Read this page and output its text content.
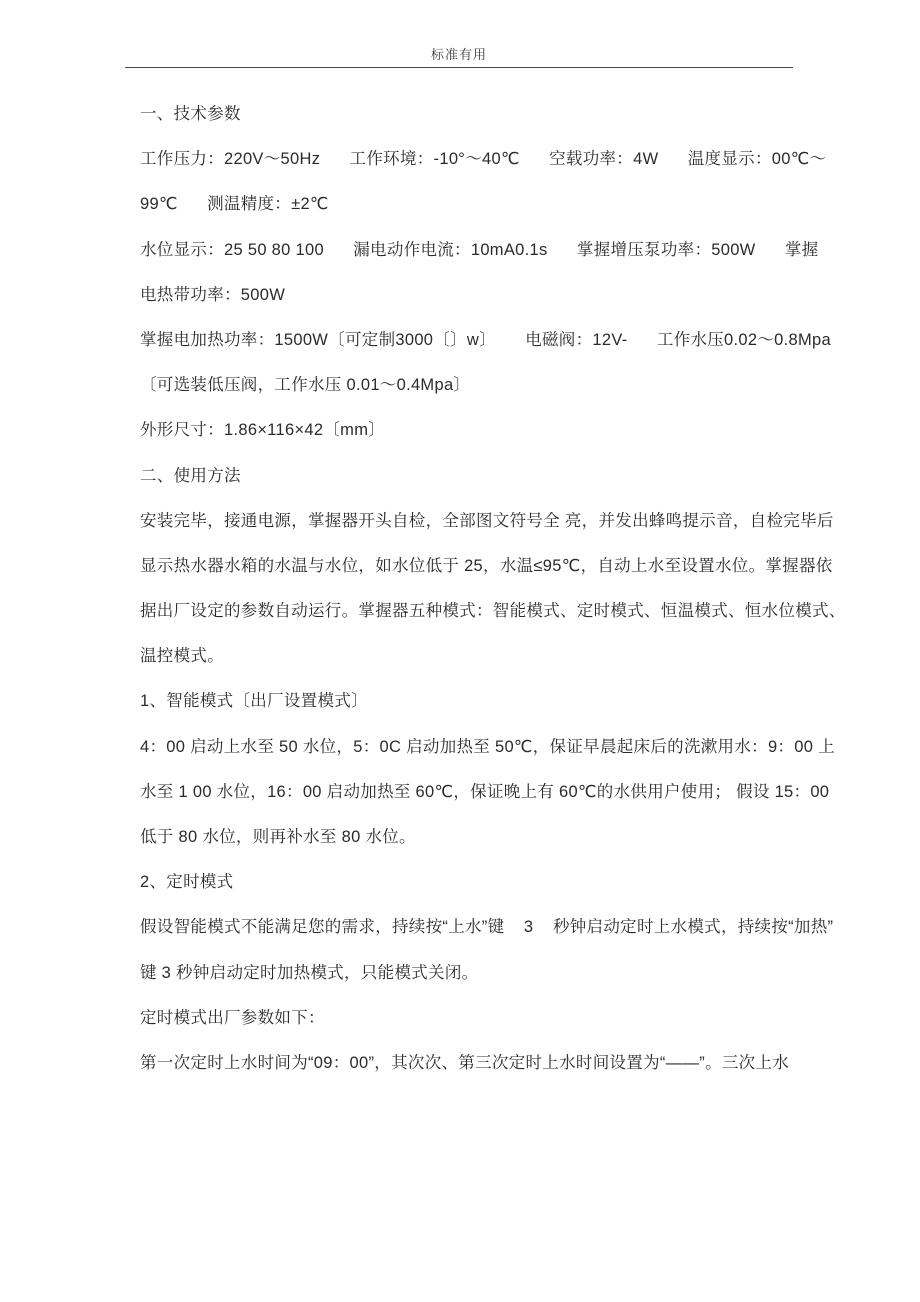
标准有用
一、技术参数
工作压力：220V～50Hz      工作环境：-10°～40℃      空载功率：4W      温度显示：00℃～
99℃      测温精度：±2℃
水位显示：25 50 80 100      漏电动作电流：10mA0.1s      掌握增压泵功率：500W      掌握
电热带功率：500W
掌握电加热功率：1500W〔可定制3000〔〕w〕      电磁阀：12V-      工作水压0.02～0.8Mpa
〔可选装低压阀，工作水压 0.01～0.4Mpa〕
外形尺寸：1.86×116×42〔mm〕
二、使用方法
安装完毕，接通电源，掌握器开头自检，全部图文符号全 亮，并发出蜂鸣提示音，自检完毕后
显示热水器水箱的水温与水位，如水位低于 25，水温≤95℃，自动上水至设置水位。掌握器依
据出厂设定的参数自动运行。掌握器五种模式：智能模式、定时模式、恒温模式、恒水位模式、
温控模式。
1、智能模式〔出厂设置模式〕
4：00 启动上水至 50 水位，5：0C 启动加热至 50℃，保证早晨起床后的洗漱用水：9：00 上
水至 1 00 水位，16：00 启动加热至 60℃，保证晚上有 60℃的水供用户使用； 假设 15：00
低于 80 水位，则再补水至 80 水位。
2、定时模式
假设智能模式不能满足您的需求，持续按“上水”键    3    秒钟启动定时上水模式，持续按“加热”
键 3 秒钟启动定时加热模式，只能模式关闭。
定时模式出厂参数如下：
第一次定时上水时间为“09：00”，其次次、第三次定时上水时间设置为“——”。三次上水
